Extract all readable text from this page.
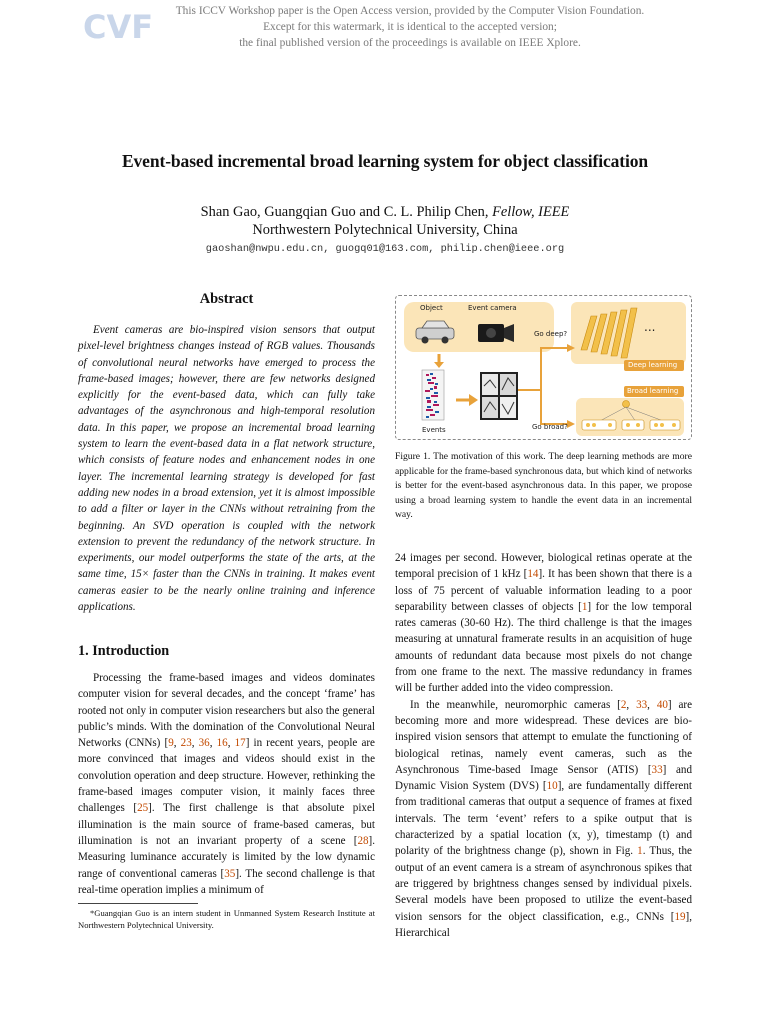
CVF	This ICCV Workshop paper is the Open Access version, provided by the Computer Vision Foundation.
Except for this watermark, it is identical to the accepted version;
the final published version of the proceedings is available on IEEE Xplore.
Event-based incremental broad learning system for object classification
Shan Gao, Guangqian Guo and C. L. Philip Chen, Fellow, IEEE
Northwestern Polytechnical University, China
gaoshan@nwpu.edu.cn, guogq01@163.com, philip.chen@ieee.org
Abstract
Event cameras are bio-inspired vision sensors that output pixel-level brightness changes instead of RGB values. Thousands of convolutional neural networks have emerged to process the frame-based images; however, there are few networks designed explicitly for the event-based data, which can fully take advantages of the asynchronous and high-temporal resolution data. In this paper, we propose an incremental broad learning system to learn the event-based data in a flat network structure, which consists of feature nodes and enhancement nodes in one layer. The incremental learning strategy is developed for fast adding new nodes in a broad extension, yet it is almost impossible to add a filter or layer in the CNNs without retraining from the beginning. An SVD operation is coupled with the network extension to prevent the redundancy of the network structure. In experiments, our model outperforms the state of the arts, at the same time, 15× faster than the CNNs in training. It makes event cameras easier to be the nearly online training and inference applications.
1. Introduction
Processing the frame-based images and videos dominates computer vision for several decades, and the concept ‘frame’ has rooted not only in computer vision researchers but also the general public’s minds. With the domination of the Convolutional Neural Networks (CNNs) [9, 23, 36, 16, 17] in recent years, people are more convinced that images and videos should exist in the convolution operation and deep structure. However, rethinking the frame-based images computer vision, it mainly faces three challenges [25]. The first challenge is that absolute pixel illumination is the main source of frame-based cameras, but illumination is not an invariant property of a scene [28]. Measuring luminance accurately is limited by the low dynamic range of conventional cameras [35]. The second challenge is that real-time operation implies a minimum of
*Guangqian Guo is an intern student in Unmanned System Research Institute at Northwestern Polytechnical University.
Object	Event camera
Go deep?	...
Deep learning
Events
Broad learning
Go broad?
Figure 1. The motivation of this work. The deep learning methods are more applicable for the frame-based synchronous data, but which kind of networks is better for the event-based asynchronous data. In this paper, we propose using a broad learning system to handle the event data in an incremental way.

24 images per second. However, biological retinas operate at the temporal precision of 1 kHz [14]. It has been shown that there is a loss of 75 percent of valuable information leading to a poor separability between classes of objects [1] for the low temporal rates cameras (30-60 Hz). The third challenge is that the images measuring at unnatural framerate results in an acquisition of huge amounts of redundant data because most pixels do not change from one frame to the next. The massive redundancy in frames will be further added into the video compression.

In the meanwhile, neuromorphic cameras [2, 33, 40] are becoming more and more widespread. These devices are bio-inspired vision sensors that attempt to emulate the functioning of biological retinas, namely event cameras, such as the Asynchronous Time-based Image Sensor (ATIS) [33] and Dynamic Vision System (DVS) [10], are fundamentally different from traditional cameras that output a sequence of frames at fixed intervals. The term ‘event’ refers to a spike output that is characterized by a spatial location (x, y), timestamp (t) and polarity of the brightness change (p), shown in Fig. 1. Thus, the output of an event camera is a stream of asynchronous spikes that are triggered by brightness changes sensed by individual pixels. Several models have been proposed to utilize the event-based vision sensors for the object classification, e.g., CNNs [19], Hierarchical
